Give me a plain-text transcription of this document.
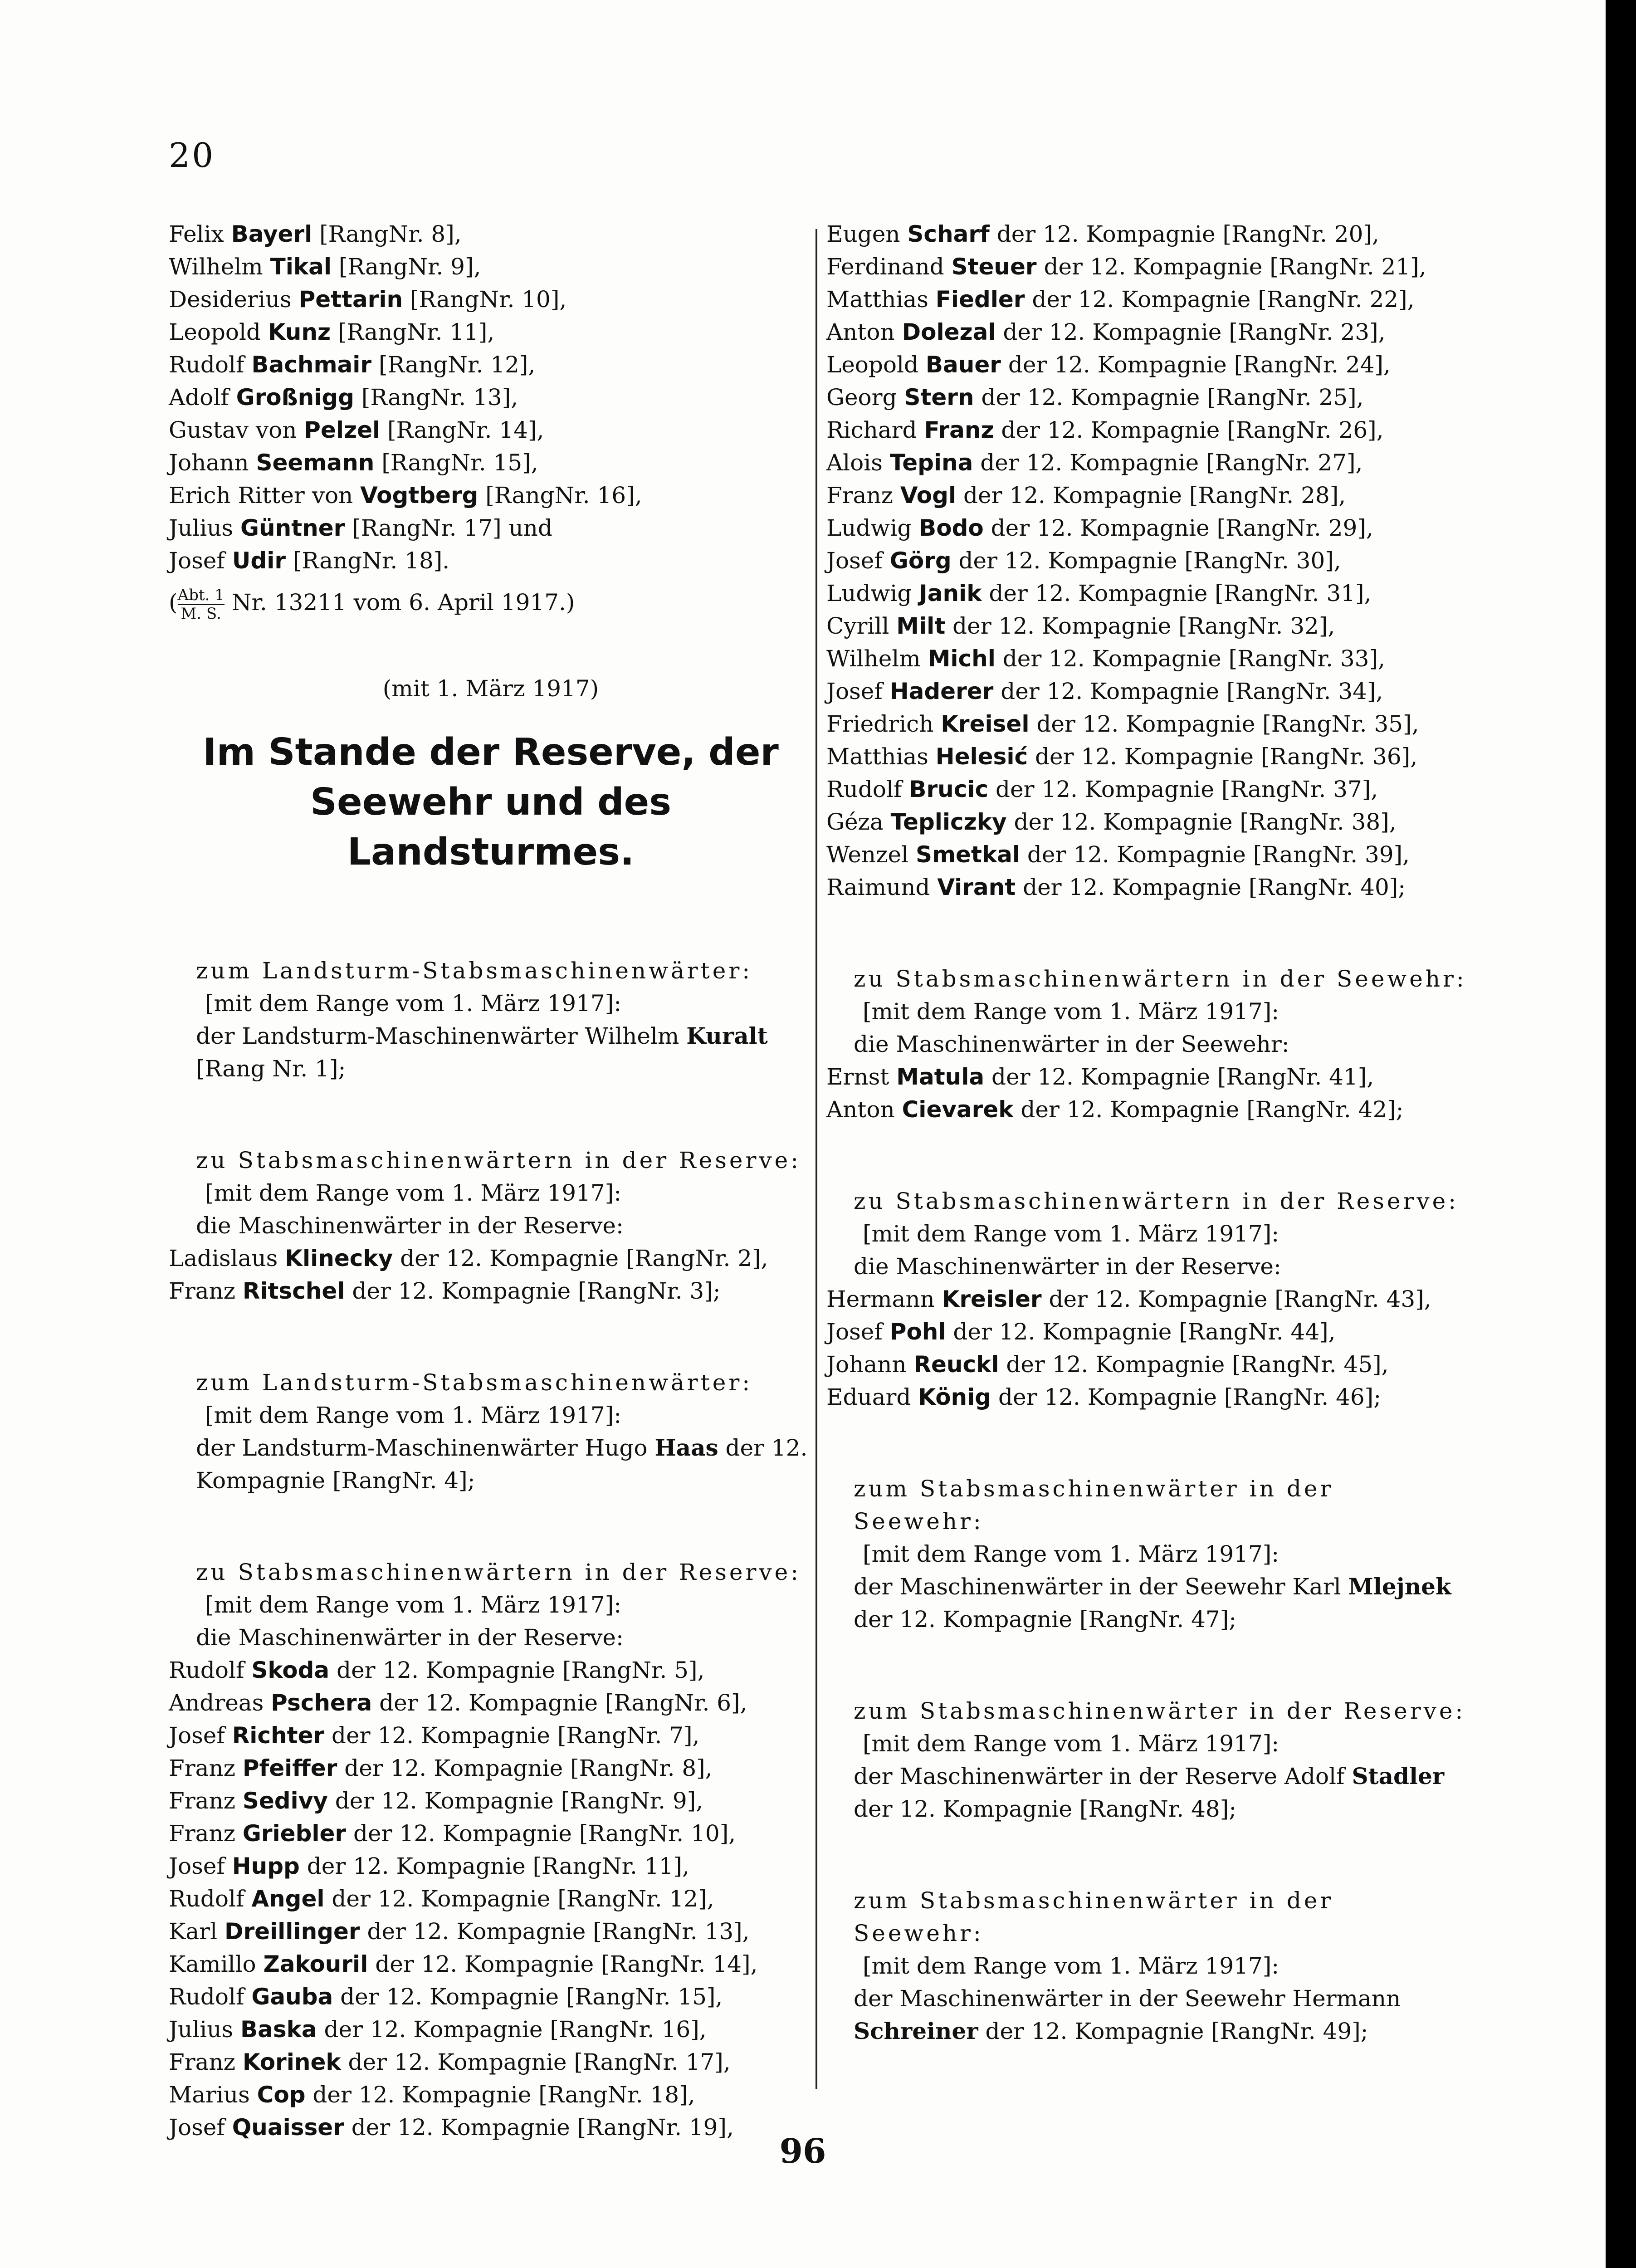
20
Felix Bayerl [RangNr. 8],
Wilhelm Tikal [RangNr. 9],
Desiderius Pettarin [RangNr. 10],
Leopold Kunz [RangNr. 11],
Rudolf Bachmair [RangNr. 12],
Adolf Großnigg [RangNr. 13],
Gustav von Pelzel [RangNr. 14],
Johann Seemann [RangNr. 15],
Erich Ritter von Vogtberg [RangNr. 16],
Julius Güntner [RangNr. 17] und
Josef Udir [RangNr. 18].
( $\frac{\text{Abt. 1}}{M. S.} Nr$. 13211 vom 6. April 1917.)
(mit 1. März 1917)
Im Stande der Reserve, der Seewehr und des Landsturmes.
zum Landsturm-Stabsmaschinenwärter:
[mit dem Range vom 1. März 1917]:
der Landsturm-Maschinenwärter Wilhelm Kuralt [Rang Nr. 1];
zu Stabsmaschinenwärtern in der Reserve:
[mit dem Range vom 1. März 1917]:
die Maschinenwärter in der Reserve:
Ladislaus Klinecky der 12. Kompagnie [RangNr. 2],
Franz Ritschel der 12. Kompagnie [RangNr. 3];
zum Landsturm-Stabsmaschinenwärter:
[mit dem Range vom 1. März 1917]:
der Landsturm-Maschinenwärter Hugo Haas der 12. Kompagnie [RangNr. 4];
zu Stabsmaschinenwärtern in der Reserve:
[mit dem Range vom 1. März 1917]:
die Maschinenwärter in der Reserve:
Rudolf Skoda der 12. Kompagnie [RangNr. 5],
Andreas Pschera der 12. Kompagnie [RangNr. 6],
Josef Richter der 12. Kompagnie [RangNr. 7],
Franz Pfeiffer der 12. Kompagnie [RangNr. 8],
Franz Sedivy der 12. Kompagnie [RangNr. 9],
Franz Griebler der 12. Kompagnie [RangNr. 10],
Josef Hupp der 12. Kompagnie [RangNr. 11],
Rudolf Angel der 12. Kompagnie [RangNr. 12],
Karl Dreillinger der 12. Kompagnie [RangNr. 13],
Kamillo Zakouril der 12. Kompagnie [RangNr. 14],
Rudolf Gauba der 12. Kompagnie [RangNr. 15],
Julius Baska der 12. Kompagnie [RangNr. 16],
Franz Korinek der 12. Kompagnie [RangNr. 17],
Marius Cop der 12. Kompagnie [RangNr. 18],
Josef Quaisser der 12. Kompagnie [RangNr. 19],
Eugen Scharf der 12. Kompagnie [RangNr. 20],
Ferdinand Steuer der 12. Kompagnie [RangNr. 21],
Matthias Fiedler der 12. Kompagnie [RangNr. 22],
Anton Dolezal der 12. Kompagnie [RangNr. 23],
Leopold Bauer der 12. Kompagnie [RangNr. 24],
Georg Stern der 12. Kompagnie [RangNr. 25],
Richard Franz der 12. Kompagnie [RangNr. 26],
Alois Tepina der 12. Kompagnie [RangNr. 27],
Franz Vogl der 12. Kompagnie [RangNr. 28],
Ludwig Bodo der 12. Kompagnie [RangNr. 29],
Josef Görg der 12. Kompagnie [RangNr. 30],
Ludwig Janik der 12. Kompagnie [RangNr. 31],
Cyrill Milt der 12. Kompagnie [RangNr. 32],
Wilhelm Michl der 12. Kompagnie [RangNr. 33],
Josef Haderer der 12. Kompagnie [RangNr. 34],
Friedrich Kreisel der 12. Kompagnie [RangNr. 35],
Matthias Helesić der 12. Kompagnie [RangNr. 36],
Rudolf Brucic der 12. Kompagnie [RangNr. 37],
Géza Tepliczky der 12. Kompagnie [RangNr. 38],
Wenzel Smetkal der 12. Kompagnie [RangNr. 39],
Raimund Virant der 12. Kompagnie [RangNr. 40];
zu Stabsmaschinenwärtern in der Seewehr:
[mit dem Range vom 1. März 1917]:
die Maschinenwärter in der Seewehr:
Ernst Matula der 12. Kompagnie [RangNr. 41],
Anton Cievarek der 12. Kompagnie [RangNr. 42];
zu Stabsmaschinenwärtern in der Reserve:
[mit dem Range vom 1. März 1917]:
die Maschinenwärter in der Reserve:
Hermann Kreisler der 12. Kompagnie [RangNr. 43],
Josef Pohl der 12. Kompagnie [RangNr. 44],
Johann Reuckl der 12. Kompagnie [RangNr. 45],
Eduard König der 12. Kompagnie [RangNr. 46];
zum Stabsmaschinenwärter in der Seewehr:
[mit dem Range vom 1. März 1917]:
der Maschinenwärter in der Seewehr Karl Mlejnek der 12. Kompagnie [RangNr. 47];
zum Stabsmaschinenwärter in der Reserve:
[mit dem Range vom 1. März 1917]:
der Maschinenwärter in der Reserve Adolf Stadler der 12. Kompagnie [RangNr. 48];
zum Stabsmaschinenwärter in der Seewehr:
[mit dem Range vom 1. März 1917]:
der Maschinenwärter in der Seewehr Hermann Schreiner der 12. Kompagnie [RangNr. 49];
96
